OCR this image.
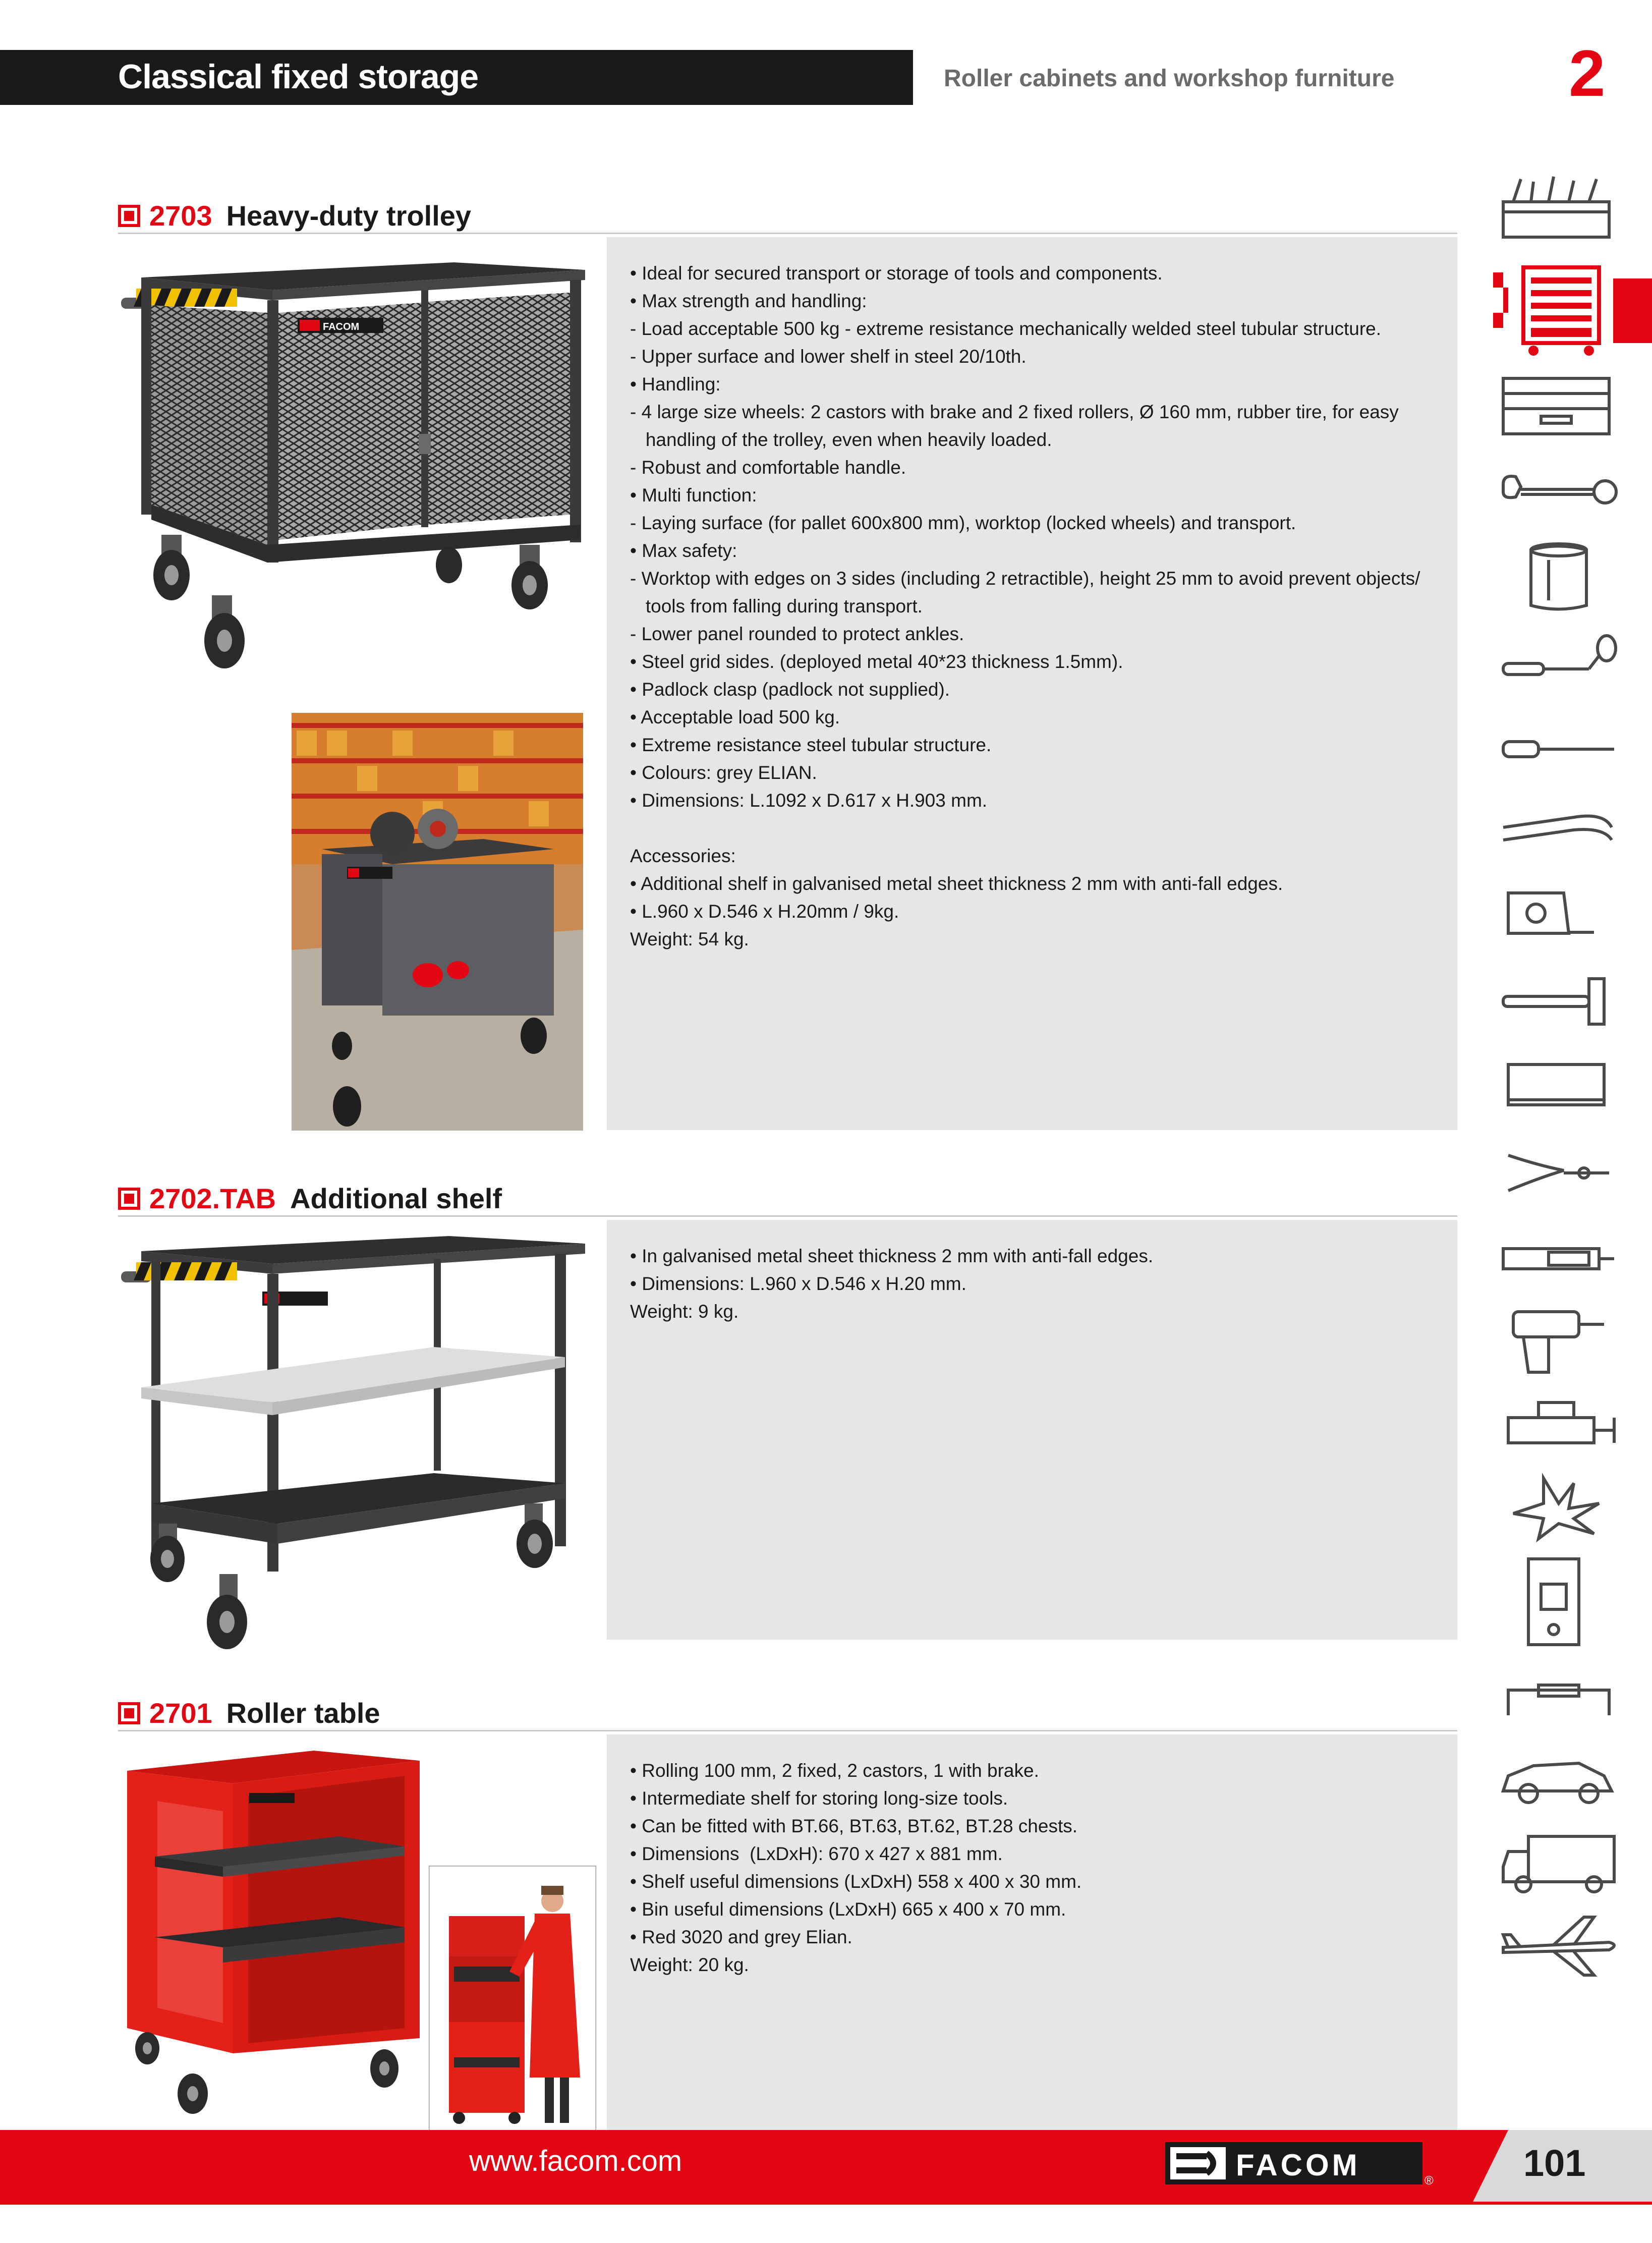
Classical fixed storage	Roller cabinets and workshop furniture	2
2703 Heavy-duty trolley
FACOM

• Ideal for secured transport or storage of tools and components.

• Max strength and handling:

- Load acceptable 500 kg - extreme resistance mechanically welded steel tubular structure.

- Upper surface and lower shelf in steel 20/10th.

• Handling:

- 4 large size wheels: 2 castors with brake and 2 fixed rollers, Ø 160 mm, rubber tire, for easy

handling of the trolley, even when heavily loaded.

- Robust and comfortable handle.

• Multi function:

- Laying surface (for pallet 600x800 mm), worktop (locked wheels) and transport.

• Max safety:

- Worktop with edges on 3 sides (including 2 retractible), height 25 mm to avoid prevent objects/

tools from falling during transport.

- Lower panel rounded to protect ankles.

• Steel grid sides. (deployed metal 40*23 thickness 1.5mm).

• Padlock clasp (padlock not supplied).

• Acceptable load 500 kg.

• Extreme resistance steel tubular structure.

• Colours: grey ELIAN.

• Dimensions: L.1092 x D.617 x H.903 mm.

Accessories:

• Additional shelf in galvanised metal sheet thickness 2 mm with anti-fall edges.

• L.960 x D.546 x H.20mm / 9kg.

Weight: 54 kg.

2702.TAB Additional shelf

• In galvanised metal sheet thickness 2 mm with anti-fall edges.

• Dimensions: L.960 x D.546 x H.20 mm.

Weight: 9 kg.

2701 Roller table

• Rolling 100 mm, 2 fixed, 2 castors, 1 with brake.

• Intermediate shelf for storing long-size tools.

• Can be fitted with BT.66, BT.63, BT.62, BT.28 chests.

• Dimensions  (LxDxH): 670 x 427 x 881 mm.

• Shelf useful dimensions (LxDxH) 558 x 400 x 30 mm.

• Bin useful dimensions (LxDxH) 665 x 400 x 70 mm.

• Red 3020 and grey Elian.

Weight: 20 kg.

www.facom.com	FACOM	® 101
